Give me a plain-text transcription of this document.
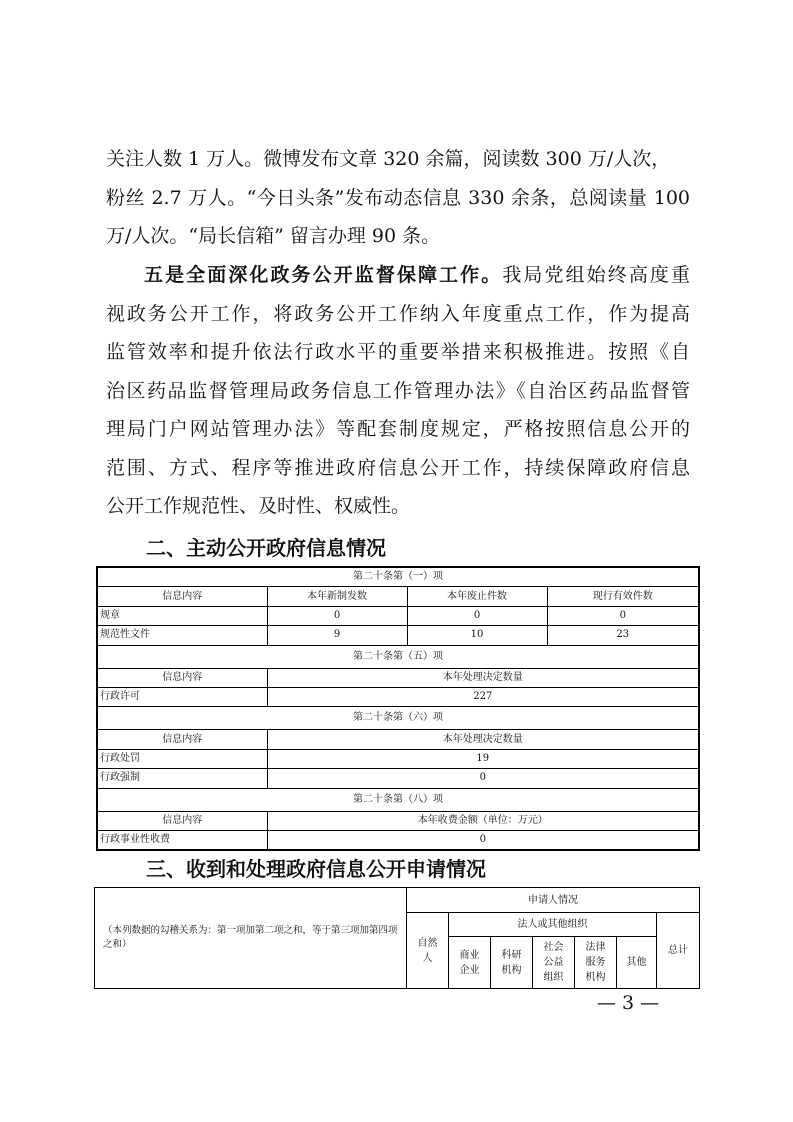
关注人数 1 万人。微博发布文章 320 余篇，阅读数 300 万/人次，
粉丝 2.7 万人。“今日头条”发布动态信息 330 余条，总阅读量 100
万/人次。“局长信箱” 留言办理 90 条。
五是全面深化政务公开监督保障工作。我局党组始终高度重
视政务公开工作，将政务公开工作纳入年度重点工作，作为提高
监管效率和提升依法行政水平的重要举措来积极推进。按照《自
治区药品监督管理局政务信息工作管理办法》《自治区药品监督管
理局门户网站管理办法》等配套制度规定，严格按照信息公开的
范围、方式、程序等推进政府信息公开工作，持续保障政府信息
公开工作规范性、及时性、权威性。
二、主动公开政府信息情况
第二十条第（一）项			
信息内容	本年新制发数	本年废止件数	现行有效件数
规章	0	0	0
规范性文件	9	10	23
第二十条第（五）项			
信息内容	本年处理决定数量		
行政许可	227		
第二十条第（六）项			
信息内容	本年处理决定数量		
行政处罚	19		
行政强制	0		
第二十条第（八）项			
信息内容	本年收费金额（单位：万元）		
行政事业性收费	0		
三、收到和处理政府信息公开申请情况
（本列数据的勾稽关系为：第一项加第二项之和，等于第三项加第四项之和）	申请人情况						
	自然人	法人或其他组织					总计
		商业企业	科研机构	社会公益组织	法律服务机构	其他	
— 3 —
